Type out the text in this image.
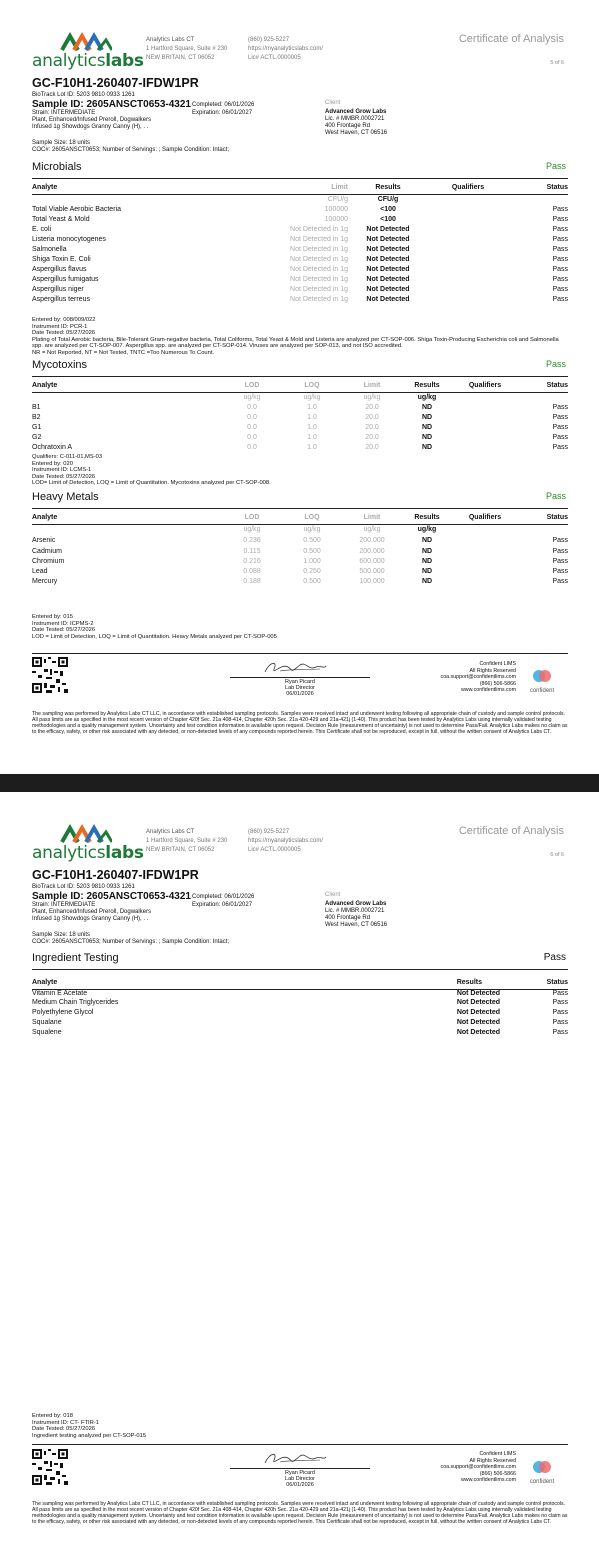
analyticslabs
Analytics Labs CT
1 Hartford Square, Suite # 230
NEW BRITAIN, CT 06052
(860) 925-5227
https://myanalyticslabs.com/
Lic# ACTL.0000005
Certificate of Analysis
5 of 6
GC-F10H1-260407-IFDW1PR
BioTrack Lot ID: 5203 9810 0933 1261
Sample ID: 2605ANSCT0653-4321 Completed: 06/01/2026
Expiration: 06/01/2027
Strain: INTERMEDIATE
Plant, Enhanced/Infused Preroll, Dogwalkers
Infused 1g Showdogs Granny Canny (H), . .
Client
Advanced Grow Labs
Lic. # MMBR.0002721
400 Frontage Rd
West Haven, CT 06516
Sample Size: 18 units
COC#: 2605ANSCT0653; Number of Servings: ; Sample Condition: Intact;
Microbials	Pass
Analyte	Limit	Results	Qualifiers	Status
	CFU/g	CFU/g		
Total Viable Aerobic Bacteria	100000	<100		Pass
Total Yeast & Mold	100000	<100		Pass
E. coli	Not Detected in 1g	Not Detected		Pass
Listeria monocytogenes	Not Detected in 1g	Not Detected		Pass
Salmonella	Not Detected in 1g	Not Detected		Pass
Shiga Toxin E. Coli	Not Detected in 1g	Not Detected		Pass
Aspergillus flavus	Not Detected in 1g	Not Detected		Pass
Aspergillus fumigatus	Not Detected in 1g	Not Detected		Pass
Aspergillus niger	Not Detected in 1g	Not Detected		Pass
Aspergillus terreus	Not Detected in 1g	Not Detected		Pass
Entered by: 008/009/022
Instrument ID: PCR-1
Date Tested: 05/27/2026
Plating of Total Aerobic bacteria, Bile-Tolerant Gram-negative bacteria, Total Coliforms, Total Yeast & Mold and Listeria are analyzed per CT-SOP-006. Shiga Toxin-Producing Escherichia coli and Salmonella spp. are analyzed per CT-SOP-007. Aspergillus spp. are analyzed per CT-SOP-014. Viruses are analyzed per SOP-013, and not ISO accredited.
NR = Not Reported, NT = Not Tested, TNTC =Too Numerous To Count.
Mycotoxins	Pass
Analyte	LOD	LOQ	Limit	Results	Qualifiers	Status
	ug/kg	ug/kg	ug/kg	ug/kg		
B1	0.0	1.0	20.0	ND		Pass
B2	0.0	1.0	20.0	ND		Pass
G1	0.0	1.0	20.0	ND		Pass
G2	0.0	1.0	20.0	ND		Pass
Ochratoxin A	0.0	1.0	20.0	ND		Pass
Qualifiers: C-011-01,MS-03
Entered by: 020
Instrument ID: LCMS-1
Date Tested: 05/27/2026
LOD= Limit of Detection, LOQ = Limit of Quantitation. Mycotoxins analyzed per CT-SOP-008.
Heavy Metals	Pass
Analyte	LOD	LOQ	Limit	Results	Qualifiers	Status
	ug/kg	ug/kg	ug/kg	ug/kg		
Arsenic	0.236	0.500	200.000	ND		Pass
Cadmium	0.115	0.500	200.000	ND		Pass
Chromium	0.216	1.000	600.000	ND		Pass
Lead	0.088	0.250	500.000	ND		Pass
Mercury	0.188	0.500	100.000	ND		Pass
Entered by: 015
Instrument ID: ICPMS-2
Date Tested: 05/27/2026
LOD = Limit of Detection, LOQ = Limit of Quantitation. Heavy Metals analyzed per CT-SOP-005
Ryan Picard
Lab Director
06/01/2026
Confident LIMS
All Rights Reserved
coa.support@confidentlims.com
(866) 506-5866
www.confidentlims.com	confident
The sampling was performed by Analytics Labs CT LLC, in accordance with established sampling protocols. Samples were received intact and underwent testing following all appropriate chain of custody and sample control protocols. All pass limits are as specified in the most recent version of Chapter 420f Sec. 21a 408-414, Chapter 420h Sec. 21a 420-429 and 21a-421j (1-40). This product has been tested by Analytics Labs using internally validated testing methodologies and a quality management system. Uncertainty and test condition information is available upon request. Decision Rule (measurement of uncertainty) is not used to determine Pass/Fail. Analytics Labs makes no claim as to the efficacy, safety, or other risk associated with any detected, or non-detected levels of any compounds reported herein. This Certificate shall not be reproduced, except in full, without the written consent of Analytics Labs CT.
analyticslabs
Analytics Labs CT
1 Hartford Square, Suite # 230
NEW BRITAIN, CT 06052
(860) 925-5227
https://myanalyticslabs.com/
Lic# ACTL.0000005
Certificate of Analysis
6 of 6
GC-F10H1-260407-IFDW1PR
BioTrack Lot ID: 5203 9810 0933 1261
Sample ID: 2605ANSCT0653-4321 Completed: 06/01/2026
Expiration: 06/01/2027
Strain: INTERMEDIATE
Plant, Enhanced/Infused Preroll, Dogwalkers
Infused 1g Showdogs Granny Canny (H), . .
Client
Advanced Grow Labs
Lic. # MMBR.0002721
400 Frontage Rd
West Haven, CT 06516
Sample Size: 18 units
COC#: 2605ANSCT0653; Number of Servings: ; Sample Condition: Intact;
Ingredient Testing	Pass
Analyte	Results	Status
Vitamin E Acetate	Not Detected	Pass
Medium Chain Triglycerides	Not Detected	Pass
Polyethylene Glycol	Not Detected	Pass
Squalane	Not Detected	Pass
Squalene	Not Detected	Pass
Entered by: 018
Instrument ID: CT- FTIR-1
Date Tested: 05/27/2026
Ingredient testing analyzed per CT-SOP-015
Ryan Picard
Lab Director
06/01/2026
Confident LIMS
All Rights Reserved
coa.support@confidentlims.com
(866) 506-5866
www.confidentlims.com	confident
The sampling was performed by Analytics Labs CT LLC, in accordance with established sampling protocols. Samples were received intact and underwent testing following all appropriate chain of custody and sample control protocols. All pass limits are as specified in the most recent version of Chapter 420f Sec. 21a 408-414, Chapter 420h Sec. 21a 420-429 and 21a-421j (1-40). This product has been tested by Analytics Labs using internally validated testing methodologies and a quality management system. Uncertainty and test condition information is available upon request. Decision Rule (measurement of uncertainty) is not used to determine Pass/Fail. Analytics Labs makes no claim as to the efficacy, safety, or other risk associated with any detected, or non-detected levels of any compounds reported herein. This Certificate shall not be reproduced, except in full, without the written consent of Analytics Labs CT.
